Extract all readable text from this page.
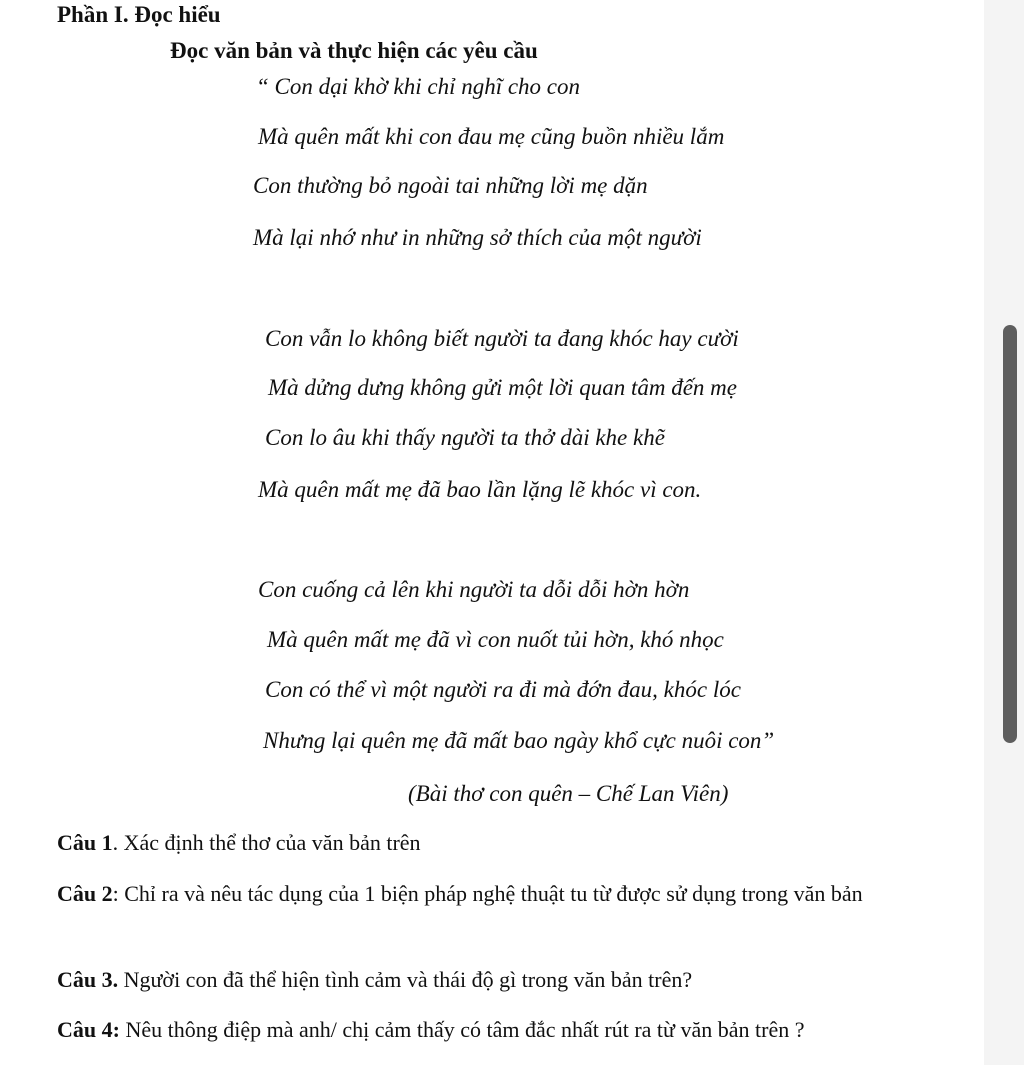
Phần I. Đọc hiểu
Đọc văn bản và thực hiện các yêu cầu
“ Con dại khờ khi chỉ nghĩ cho con
Mà quên mất khi con đau mẹ cũng buồn nhiều lắm
Con thường bỏ ngoài tai những lời mẹ dặn
Mà lại nhớ như in những sở thích của một người
Con vẫn lo không biết người ta đang khóc hay cười
Mà dửng dưng không gửi một lời quan tâm đến mẹ
Con lo âu khi thấy người ta thở dài khe khẽ
Mà quên mất mẹ đã bao lần lặng lẽ khóc vì con.
Con cuống cả lên khi người ta dỗi dỗi hờn hờn
Mà quên mất mẹ đã vì con nuốt tủi hờn, khó nhọc
Con có thể vì một người ra đi mà đớn đau, khóc lóc
Nhưng lại quên mẹ đã mất bao ngày khổ cực nuôi con”
(Bài thơ con quên – Chế Lan Viên)
Câu 1. Xác định thể thơ của văn bản trên
Câu 2: Chỉ ra và nêu tác dụng của 1 biện pháp nghệ thuật tu từ được sử dụng trong văn bản
Câu 3. Người con đã thể hiện tình cảm và thái độ gì trong văn bản trên?
Câu 4: Nêu thông điệp mà anh/ chị cảm thấy có tâm đắc nhất rút ra từ văn bản trên ?
